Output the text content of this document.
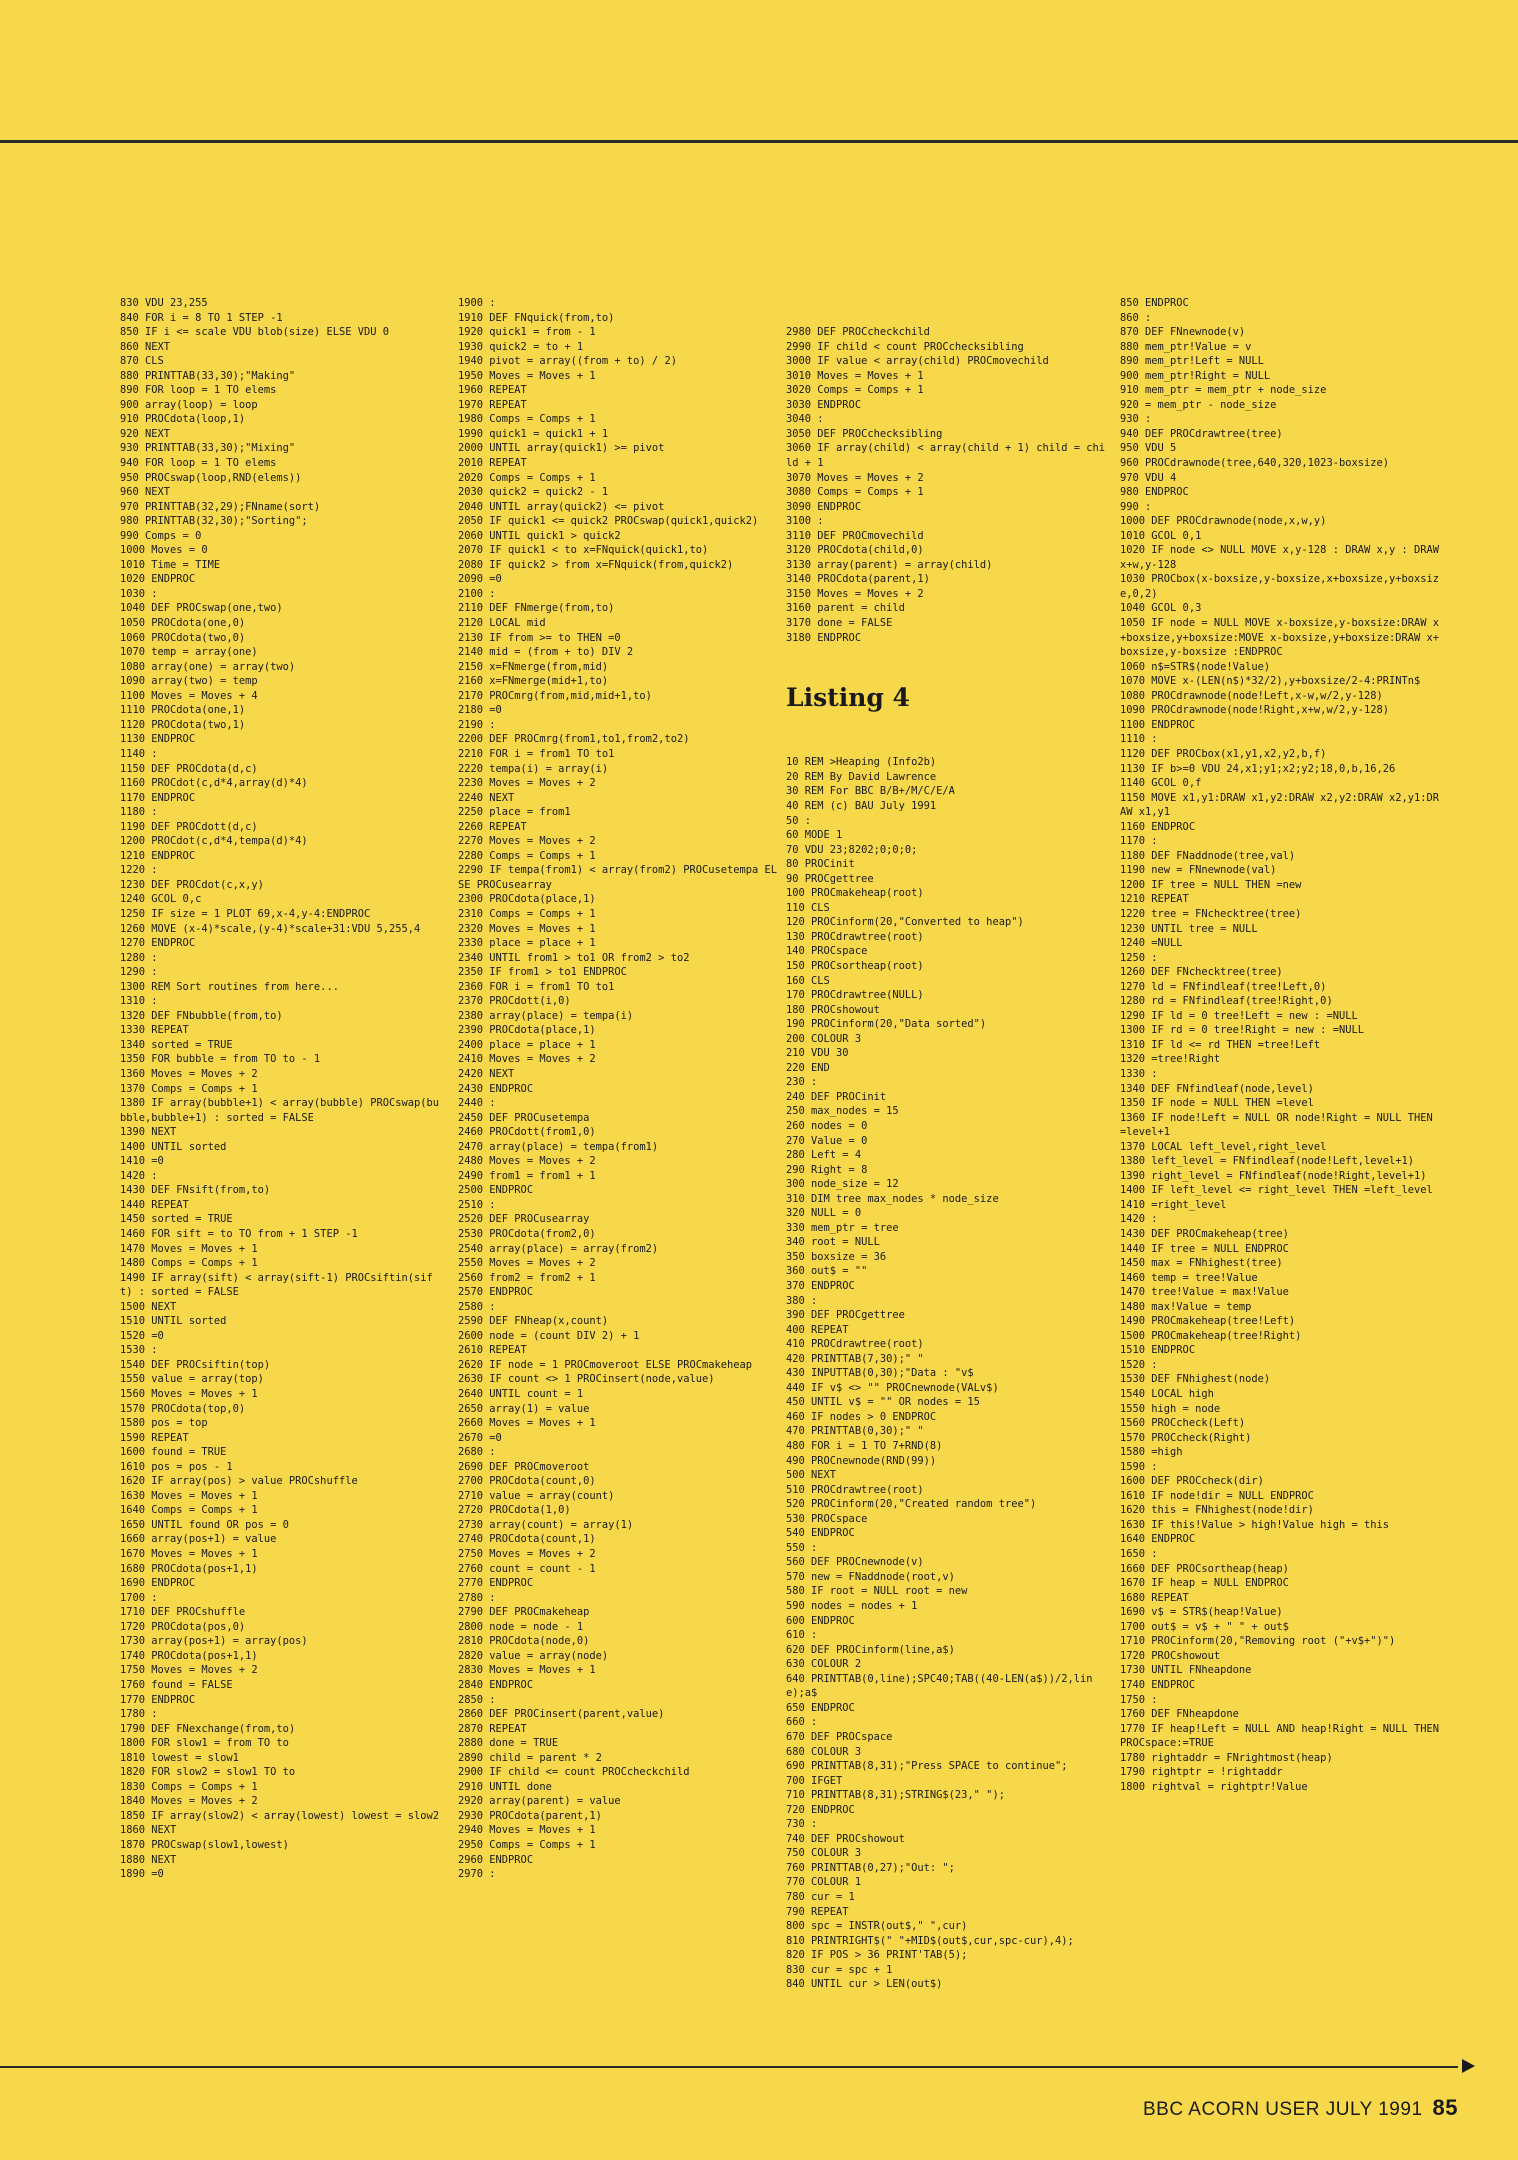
830 VDU 23,255
840 FOR i = 8 TO 1 STEP -1
850 IF i <= scale VDU blob(size) ELSE VDU 0
860 NEXT
870 CLS
880 PRINTTAB(33,30);"Making"
890 FOR loop = 1 TO elems
900 array(loop) = loop
910 PROCdota(loop,1)
920 NEXT
930 PRINTTAB(33,30);"Mixing"
940 FOR loop = 1 TO elems
950 PROCswap(loop,RND(elems))
960 NEXT
970 PRINTTAB(32,29);FNname(sort)
980 PRINTTAB(32,30);"Sorting";
990 Comps = 0
1000 Moves = 0
1010 Time = TIME
1020 ENDPROC
1030 :
1040 DEF PROCswap(one,two)
1050 PROCdota(one,0)
1060 PROCdota(two,0)
1070 temp = array(one)
1080 array(one) = array(two)
1090 array(two) = temp
1100 Moves = Moves + 4
1110 PROCdota(one,1)
1120 PROCdota(two,1)
1130 ENDPROC
1140 :
1150 DEF PROCdota(d,c)
1160 PROCdot(c,d*4,array(d)*4)
1170 ENDPROC
1180 :
1190 DEF PROCdott(d,c)
1200 PROCdot(c,d*4,tempa(d)*4)
1210 ENDPROC
1220 :
1230 DEF PROCdot(c,x,y)
1240 GCOL 0,c
1250 IF size = 1 PLOT 69,x-4,y-4:ENDPROC
1260 MOVE (x-4)*scale,(y-4)*scale+31:VDU 5,255,4
1270 ENDPROC
1280 :
1290 :
1300 REM Sort routines from here...
1310 :
1320 DEF FNbubble(from,to)
1330 REPEAT
1340 sorted = TRUE
1350 FOR bubble = from TO to - 1
1360 Moves = Moves + 2
1370 Comps = Comps + 1
1380 IF array(bubble+1) < array(bubble) PROCswap(bubble,bubble+1) : sorted = FALSE
1390 NEXT
1400 UNTIL sorted
1410 =0
1420 :
1430 DEF FNsift(from,to)
1440 REPEAT
1450 sorted = TRUE
1460 FOR sift = to TO from + 1 STEP -1
1470 Moves = Moves + 1
1480 Comps = Comps + 1
1490 IF array(sift) < array(sift-1) PROCsiftin(sift) : sorted = FALSE
1500 NEXT
1510 UNTIL sorted
1520 =0
1530 :
1540 DEF PROCsiftin(top)
1550 value = array(top)
1560 Moves = Moves + 1
1570 PROCdota(top,0)
1580 pos = top
1590 REPEAT
1600 found = TRUE
1610 pos = pos - 1
1620 IF array(pos) > value PROCshuffle
1630 Moves = Moves + 1
1640 Comps = Comps + 1
1650 UNTIL found OR pos = 0
1660 array(pos+1) = value
1670 Moves = Moves + 1
1680 PROCdota(pos+1,1)
1690 ENDPROC
1700 :
1710 DEF PROCshuffle
1720 PROCdota(pos,0)
1730 array(pos+1) = array(pos)
1740 PROCdota(pos+1,1)
1750 Moves = Moves + 2
1760 found = FALSE
1770 ENDPROC
1780 :
1790 DEF FNexchange(from,to)
1800 FOR slow1 = from TO to
1810 lowest = slow1
1820 FOR slow2 = slow1 TO to
1830 Comps = Comps + 1
1840 Moves = Moves + 2
1850 IF array(slow2) < array(lowest) lowest = slow2
1860 NEXT
1870 PROCswap(slow1,lowest)
1880 NEXT
1890 =0
1900 :
1910 DEF FNquick(from,to)
1920 quick1 = from - 1
1930 quick2 = to + 1
1940 pivot = array((from + to) / 2)
1950 Moves = Moves + 1
1960 REPEAT
1970 REPEAT
1980 Comps = Comps + 1
1990 quick1 = quick1 + 1
2000 UNTIL array(quick1) >= pivot
2010 REPEAT
2020 Comps = Comps + 1
2030 quick2 = quick2 - 1
2040 UNTIL array(quick2) <= pivot
2050 IF quick1 <= quick2 PROCswap(quick1,quick2)
2060 UNTIL quick1 > quick2
2070 IF quick1 < to x=FNquick(quick1,to)
2080 IF quick2 > from x=FNquick(from,quick2)
2090 =0
2100 :
2110 DEF FNmerge(from,to)
2120 LOCAL mid
2130 IF from >= to THEN =0
2140 mid = (from + to) DIV 2
2150 x=FNmerge(from,mid)
2160 x=FNmerge(mid+1,to)
2170 PROCmrg(from,mid,mid+1,to)
2180 =0
2190 :
2200 DEF PROCmrg(from1,to1,from2,to2)
2210 FOR i = from1 TO to1
2220 tempa(i) = array(i)
2230 Moves = Moves + 2
2240 NEXT
2250 place = from1
2260 REPEAT
2270 Moves = Moves + 2
2280 Comps = Comps + 1
2290 IF tempa(from1) < array(from2) PROCusetempa ELSE PROCusearray
2300 PROCdota(place,1)
2310 Comps = Comps + 1
2320 Moves = Moves + 1
2330 place = place + 1
2340 UNTIL from1 > to1 OR from2 > to2
2350 IF from1 > to1 ENDPROC
2360 FOR i = from1 TO to1
2370 PROCdott(i,0)
2380 array(place) = tempa(i)
2390 PROCdota(place,1)
2400 place = place + 1
2410 Moves = Moves + 2
2420 NEXT
2430 ENDPROC
2440 :
2450 DEF PROCusetempa
2460 PROCdott(from1,0)
2470 array(place) = tempa(from1)
2480 Moves = Moves + 2
2490 from1 = from1 + 1
2500 ENDPROC
2510 :
2520 DEF PROCusearray
2530 PROCdota(from2,0)
2540 array(place) = array(from2)
2550 Moves = Moves + 2
2560 from2 = from2 + 1
2570 ENDPROC
2580 :
2590 DEF FNheap(x,count)
2600 node = (count DIV 2) + 1
2610 REPEAT
2620 IF node = 1 PROCmoveroot ELSE PROCmakeheap
2630 IF count <> 1 PROCinsert(node,value)
2640 UNTIL count = 1
2650 array(1) = value
2660 Moves = Moves + 1
2670 =0
2680 :
2690 DEF PROCmoveroot
2700 PROCdota(count,0)
2710 value = array(count)
2720 PROCdota(1,0)
2730 array(count) = array(1)
2740 PROCdota(count,1)
2750 Moves = Moves + 2
2760 count = count - 1
2770 ENDPROC
2780 :
2790 DEF PROCmakeheap
2800 node = node - 1
2810 PROCdota(node,0)
2820 value = array(node)
2830 Moves = Moves + 1
2840 ENDPROC
2850 :
2860 DEF PROCinsert(parent,value)
2870 REPEAT
2880 done = TRUE
2890 child = parent * 2
2900 IF child <= count PROCcheckchild
2910 UNTIL done
2920 array(parent) = value
2930 PROCdota(parent,1)
2940 Moves = Moves + 1
2950 Comps = Comps + 1
2960 ENDPROC
2970 :

2980 DEF PROCcheckchild
2990 IF child < count PROCchecksibling
3000 IF value < array(child) PROCmovechild
3010 Moves = Moves + 1
3020 Comps = Comps + 1
3030 ENDPROC
3040 :
3050 DEF PROCchecksibling
3060 IF array(child) < array(child + 1) child = child + 1
3070 Moves = Moves + 2
3080 Comps = Comps + 1
3090 ENDPROC
3100 :
3110 DEF PROCmovechild
3120 PROCdota(child,0)
3130 array(parent) = array(child)
3140 PROCdota(parent,1)
3150 Moves = Moves + 2
3160 parent = child
3170 done = FALSE
3180 ENDPROC

Listing 4

10 REM >Heaping (Info2b)
20 REM By David Lawrence
30 REM For BBC B/B+/M/C/E/A
40 REM (c) BAU July 1991
50 :
60 MODE 1
70 VDU 23;8202;0;0;0;
80 PROCinit
90 PROCgettree
100 PROCmakeheap(root)
110 CLS
120 PROCinform(20,"Converted to heap")
130 PROCdrawtree(root)
140 PROCspace
150 PROCsortheap(root)
160 CLS
170 PROCdrawtree(NULL)
180 PROCshowout
190 PROCinform(20,"Data sorted")
200 COLOUR 3
210 VDU 30
220 END
230 :
240 DEF PROCinit
250 max_nodes = 15
260 nodes = 0
270 Value = 0
280 Left = 4
290 Right = 8
300 node_size = 12
310 DIM tree max_nodes * node_size
320 NULL = 0
330 mem_ptr = tree
340 root = NULL
350 boxsize = 36
360 out$ = ""
370 ENDPROC
380 :
390 DEF PROCgettree
400 REPEAT
410 PROCdrawtree(root)
420 PRINTTAB(7,30);" "
430 INPUTTAB(0,30);"Data : "v$
440 IF v$ <> "" PROCnewnode(VALv$)
450 UNTIL v$ = "" OR nodes = 15
460 IF nodes > 0 ENDPROC
470 PRINTTAB(0,30);" "
480 FOR i = 1 TO 7+RND(8)
490 PROCnewnode(RND(99))
500 NEXT
510 PROCdrawtree(root)
520 PROCinform(20,"Created random tree")
530 PROCspace
540 ENDPROC
550 :
560 DEF PROCnewnode(v)
570 new = FNaddnode(root,v)
580 IF root = NULL root = new
590 nodes = nodes + 1
600 ENDPROC
610 :
620 DEF PROCinform(line,a$)
630 COLOUR 2
640 PRINTTAB(0,line);SPC40;TAB((40-LEN(a$))/2,line);a$
650 ENDPROC
660 :
670 DEF PROCspace
680 COLOUR 3
690 PRINTTAB(8,31);"Press SPACE to continue";
700 IFGET
710 PRINTTAB(8,31);STRING$(23," ");
720 ENDPROC
730 :
740 DEF PROCshowout
750 COLOUR 3
760 PRINTTAB(0,27);"Out: ";
770 COLOUR 1
780 cur = 1
790 REPEAT
800 spc = INSTR(out$," ",cur)
810 PRINTRIGHT$(" "+MID$(out$,cur,spc-cur),4);
820 IF POS > 36 PRINT'TAB(5);
830 cur = spc + 1
840 UNTIL cur > LEN(out$)

850 ENDPROC
860 :
870 DEF FNnewnode(v)
880 mem_ptr!Value = v
890 mem_ptr!Left = NULL
900 mem_ptr!Right = NULL
910 mem_ptr = mem_ptr + node_size
920 = mem_ptr - node_size
930 :
940 DEF PROCdrawtree(tree)
950 VDU 5
960 PROCdrawnode(tree,640,320,1023-boxsize)
970 VDU 4
980 ENDPROC
990 :
1000 DEF PROCdrawnode(node,x,w,y)
1010 GCOL 0,1
1020 IF node <> NULL MOVE x,y-128 : DRAW x,y : DRAW x+w,y-128
1030 PROCbox(x-boxsize,y-boxsize,x+boxsize,y+boxsize,0,2)
1040 GCOL 0,3
1050 IF node = NULL MOVE x-boxsize,y-boxsize:DRAW x+boxsize,y+boxsize:MOVE x-boxsize,y+boxsize:DRAW x+boxsize,y-boxsize :ENDPROC
1060 n$=STR$(node!Value)
1070 MOVE x-(LEN(n$)*32/2),y+boxsize/2-4:PRINTn$
1080 PROCdrawnode(node!Left,x-w,w/2,y-128)
1090 PROCdrawnode(node!Right,x+w,w/2,y-128)
1100 ENDPROC
1110 :
1120 DEF PROCbox(x1,y1,x2,y2,b,f)
1130 IF b>=0 VDU 24,x1;y1;x2;y2;18,0,b,16,26
1140 GCOL 0,f
1150 MOVE x1,y1:DRAW x1,y2:DRAW x2,y2:DRAW x2,y1:DRAW x1,y1
1160 ENDPROC
1170 :
1180 DEF FNaddnode(tree,val)
1190 new = FNnewnode(val)
1200 IF tree = NULL THEN =new
1210 REPEAT
1220 tree = FNchecktree(tree)
1230 UNTIL tree = NULL
1240 =NULL
1250 :
1260 DEF FNchecktree(tree)
1270 ld = FNfindleaf(tree!Left,0)
1280 rd = FNfindleaf(tree!Right,0)
1290 IF ld = 0 tree!Left = new : =NULL
1300 IF rd = 0 tree!Right = new : =NULL
1310 IF ld <= rd THEN =tree!Left
1320 =tree!Right
1330 :
1340 DEF FNfindleaf(node,level)
1350 IF node = NULL THEN =level
1360 IF node!Left = NULL OR node!Right = NULL THEN =level+1
1370 LOCAL left_level,right_level
1380 left_level = FNfindleaf(node!Left,level+1)
1390 right_level = FNfindleaf(node!Right,level+1)
1400 IF left_level <= right_level THEN =left_level
1410 =right_level
1420 :
1430 DEF PROCmakeheap(tree)
1440 IF tree = NULL ENDPROC
1450 max = FNhighest(tree)
1460 temp = tree!Value
1470 tree!Value = max!Value
1480 max!Value = temp
1490 PROCmakeheap(tree!Left)
1500 PROCmakeheap(tree!Right)
1510 ENDPROC
1520 :
1530 DEF FNhighest(node)
1540 LOCAL high
1550 high = node
1560 PROCcheck(Left)
1570 PROCcheck(Right)
1580 =high
1590 :
1600 DEF PROCcheck(dir)
1610 IF node!dir = NULL ENDPROC
1620 this = FNhighest(node!dir)
1630 IF this!Value > high!Value high = this
1640 ENDPROC
1650 :
1660 DEF PROCsortheap(heap)
1670 IF heap = NULL ENDPROC
1680 REPEAT
1690 v$ = STR$(heap!Value)
1700 out$ = v$ + " " + out$
1710 PROCinform(20,"Removing root ("+v$+")")
1720 PROCshowout
1730 UNTIL FNheapdone
1740 ENDPROC
1750 :
1760 DEF FNheapdone
1770 IF heap!Left = NULL AND heap!Right = NULL THEN PROCspace:=TRUE
1780 rightaddr = FNrightmost(heap)
1790 rightptr = !rightaddr
1800 rightval = rightptr!Value
BBC ACORN USER JULY 1991 85
